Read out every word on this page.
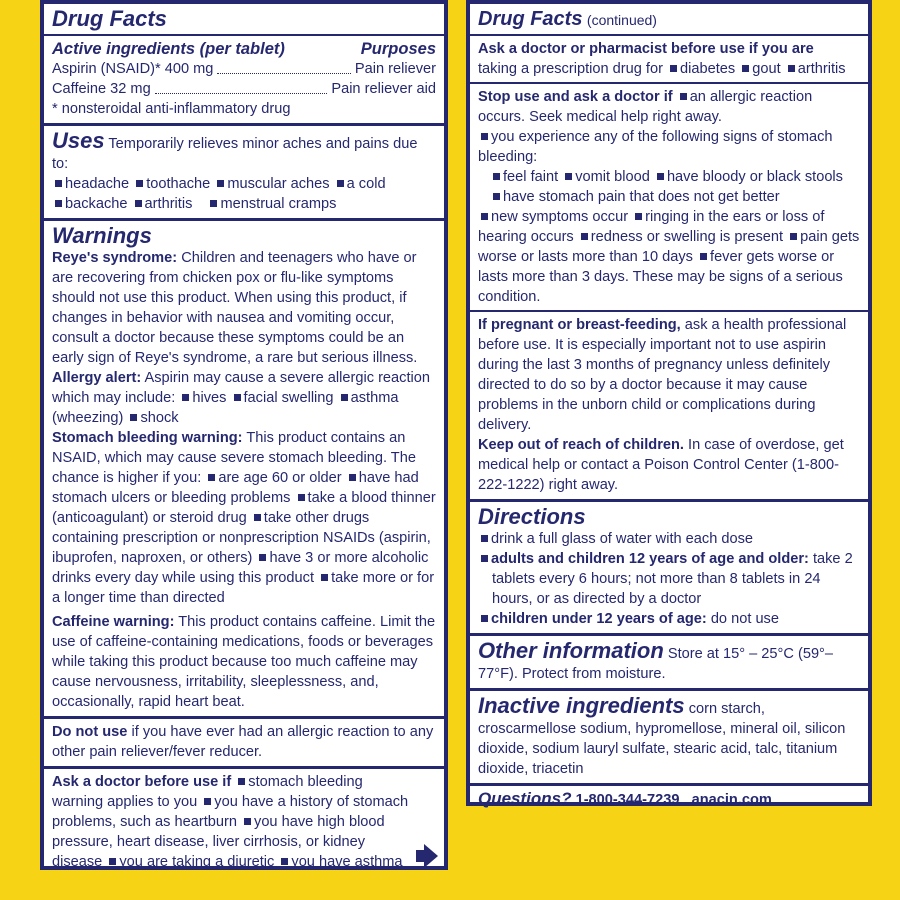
Drug Facts
Active ingredients (per tablet)	Purposes
Aspirin (NSAID)* 400 mg	Pain reliever
Caffeine 32 mg	Pain reliever aid

* nonsteroidal anti-inflammatory drug

Uses Temporarily relieves minor aches and pains due to:

headache toothache muscular aches a cold

backache arthritis menstrual cramps

Warnings

Reye's syndrome: Children and teenagers who have or are recovering from chicken pox or flu-like symptoms should not use this product. When using this product, if changes in behavior with nausea and vomiting occur, consult a doctor because these symptoms could be an early sign of Reye's syndrome, a rare but serious illness.

Allergy alert: Aspirin may cause a severe allergic reaction which may include: hives facial swelling asthma (wheezing) shock

Stomach bleeding warning: This product contains an NSAID, which may cause severe stomach bleeding. The chance is higher if you: are age 60 or older have had stomach ulcers or bleeding problems take a blood thinner (anticoagulant) or steroid drug take other drugs containing prescription or nonprescription NSAIDs (aspirin, ibuprofen, naproxen, or others) have 3 or more alcoholic drinks every day while using this product take more or for a longer time than directed

Caffeine warning: This product contains caffeine. Limit the use of caffeine-containing medications, foods or beverages while taking this product because too much caffeine may cause nervousness, irritability, sleeplessness, and, occasionally, rapid heart beat.

Do not use if you have ever had an allergic reaction to any other pain reliever/fever reducer.

Ask a doctor before use if stomach bleeding warning applies to you you have a history of stomach problems, such as heartburn you have high blood pressure, heart disease, liver cirrhosis, or kidney disease you are taking a diuretic you have asthma

Drug Facts (continued)

Ask a doctor or pharmacist before use if you are

taking a prescription drug for diabetes gout arthritis

Stop use and ask a doctor if an allergic reaction occurs. Seek medical help right away.

you experience any of the following signs of stomach bleeding:

feel faint vomit blood have bloody or black stools

have stomach pain that does not get better

new symptoms occur ringing in the ears or loss of hearing occurs redness or swelling is present pain gets worse or lasts more than 10 days fever gets worse or lasts more than 3 days. These may be signs of a serious condition.

If pregnant or breast-feeding, ask a health professional before use. It is especially important not to use aspirin during the last 3 months of pregnancy unless definitely directed to do so by a doctor because it may cause problems in the unborn child or complications during delivery.

Keep out of reach of children. In case of overdose, get medical help or contact a Poison Control Center (1-800-222-1222) right away.

Directions

drink a full glass of water with each dose

adults and children 12 years of age and older: take 2 tablets every 6 hours; not more than 8 tablets in 24 hours, or as directed by a doctor

children under 12 years of age: do not use

Other information Store at 15° – 25°C (59°– 77°F). Protect from moisture.

Inactive ingredients corn starch, croscarmellose sodium, hypromellose, mineral oil, silicon dioxide, sodium lauryl sulfate, stearic acid, talc, titanium dioxide, triacetin

Questions? 1-800-344-7239 anacin.com
